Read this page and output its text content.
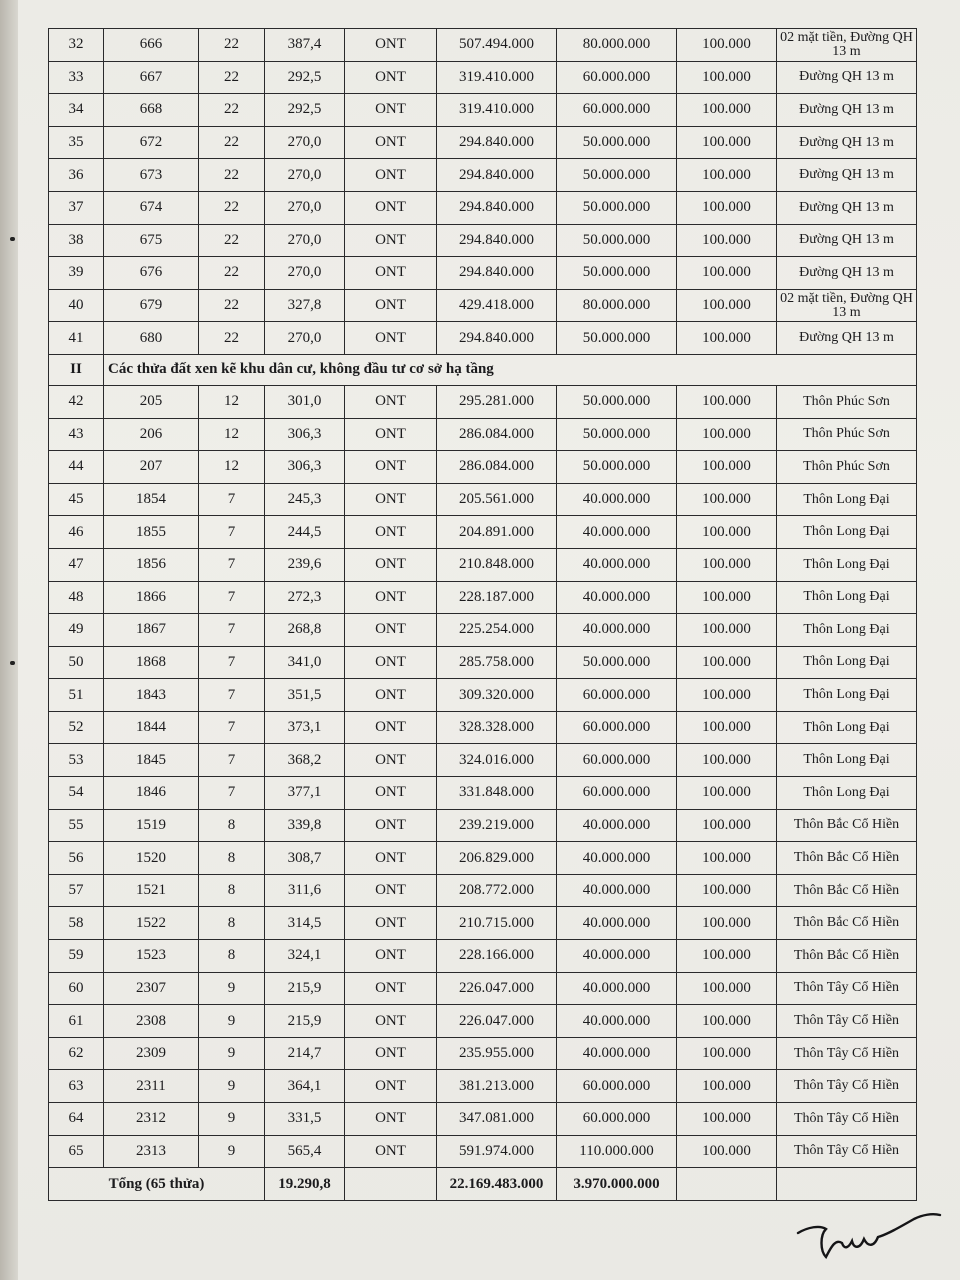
32	666	22	387,4	ONT	507.494.000	80.000.000	100.000	02 mặt tiền, Đường QH 13 m
33	667	22	292,5	ONT	319.410.000	60.000.000	100.000	Đường QH 13 m
34	668	22	292,5	ONT	319.410.000	60.000.000	100.000	Đường QH 13 m
35	672	22	270,0	ONT	294.840.000	50.000.000	100.000	Đường QH 13 m
36	673	22	270,0	ONT	294.840.000	50.000.000	100.000	Đường QH 13 m
37	674	22	270,0	ONT	294.840.000	50.000.000	100.000	Đường QH 13 m
38	675	22	270,0	ONT	294.840.000	50.000.000	100.000	Đường QH 13 m
39	676	22	270,0	ONT	294.840.000	50.000.000	100.000	Đường QH 13 m
40	679	22	327,8	ONT	429.418.000	80.000.000	100.000	02 mặt tiền, Đường QH 13 m
41	680	22	270,0	ONT	294.840.000	50.000.000	100.000	Đường QH 13 m
II	Các thửa đất xen kẽ khu dân cư, không đầu tư cơ sở hạ tầng							
42	205	12	301,0	ONT	295.281.000	50.000.000	100.000	Thôn Phúc Sơn
43	206	12	306,3	ONT	286.084.000	50.000.000	100.000	Thôn Phúc Sơn
44	207	12	306,3	ONT	286.084.000	50.000.000	100.000	Thôn Phúc Sơn
45	1854	7	245,3	ONT	205.561.000	40.000.000	100.000	Thôn Long Đại
46	1855	7	244,5	ONT	204.891.000	40.000.000	100.000	Thôn Long Đại
47	1856	7	239,6	ONT	210.848.000	40.000.000	100.000	Thôn Long Đại
48	1866	7	272,3	ONT	228.187.000	40.000.000	100.000	Thôn Long Đại
49	1867	7	268,8	ONT	225.254.000	40.000.000	100.000	Thôn Long Đại
50	1868	7	341,0	ONT	285.758.000	50.000.000	100.000	Thôn Long Đại
51	1843	7	351,5	ONT	309.320.000	60.000.000	100.000	Thôn Long Đại
52	1844	7	373,1	ONT	328.328.000	60.000.000	100.000	Thôn Long Đại
53	1845	7	368,2	ONT	324.016.000	60.000.000	100.000	Thôn Long Đại
54	1846	7	377,1	ONT	331.848.000	60.000.000	100.000	Thôn Long Đại
55	1519	8	339,8	ONT	239.219.000	40.000.000	100.000	Thôn Bắc Cổ Hiền
56	1520	8	308,7	ONT	206.829.000	40.000.000	100.000	Thôn Bắc Cổ Hiền
57	1521	8	311,6	ONT	208.772.000	40.000.000	100.000	Thôn Bắc Cổ Hiền
58	1522	8	314,5	ONT	210.715.000	40.000.000	100.000	Thôn Bắc Cổ Hiền
59	1523	8	324,1	ONT	228.166.000	40.000.000	100.000	Thôn Bắc Cổ Hiền
60	2307	9	215,9	ONT	226.047.000	40.000.000	100.000	Thôn Tây Cổ Hiền
61	2308	9	215,9	ONT	226.047.000	40.000.000	100.000	Thôn Tây Cổ Hiền
62	2309	9	214,7	ONT	235.955.000	40.000.000	100.000	Thôn Tây Cổ Hiền
63	2311	9	364,1	ONT	381.213.000	60.000.000	100.000	Thôn Tây Cổ Hiền
64	2312	9	331,5	ONT	347.081.000	60.000.000	100.000	Thôn Tây Cổ Hiền
65	2313	9	565,4	ONT	591.974.000	110.000.000	100.000	Thôn Tây Cổ Hiền
Tổng (65 thửa)			19.290,8		22.169.483.000	3.970.000.000		
